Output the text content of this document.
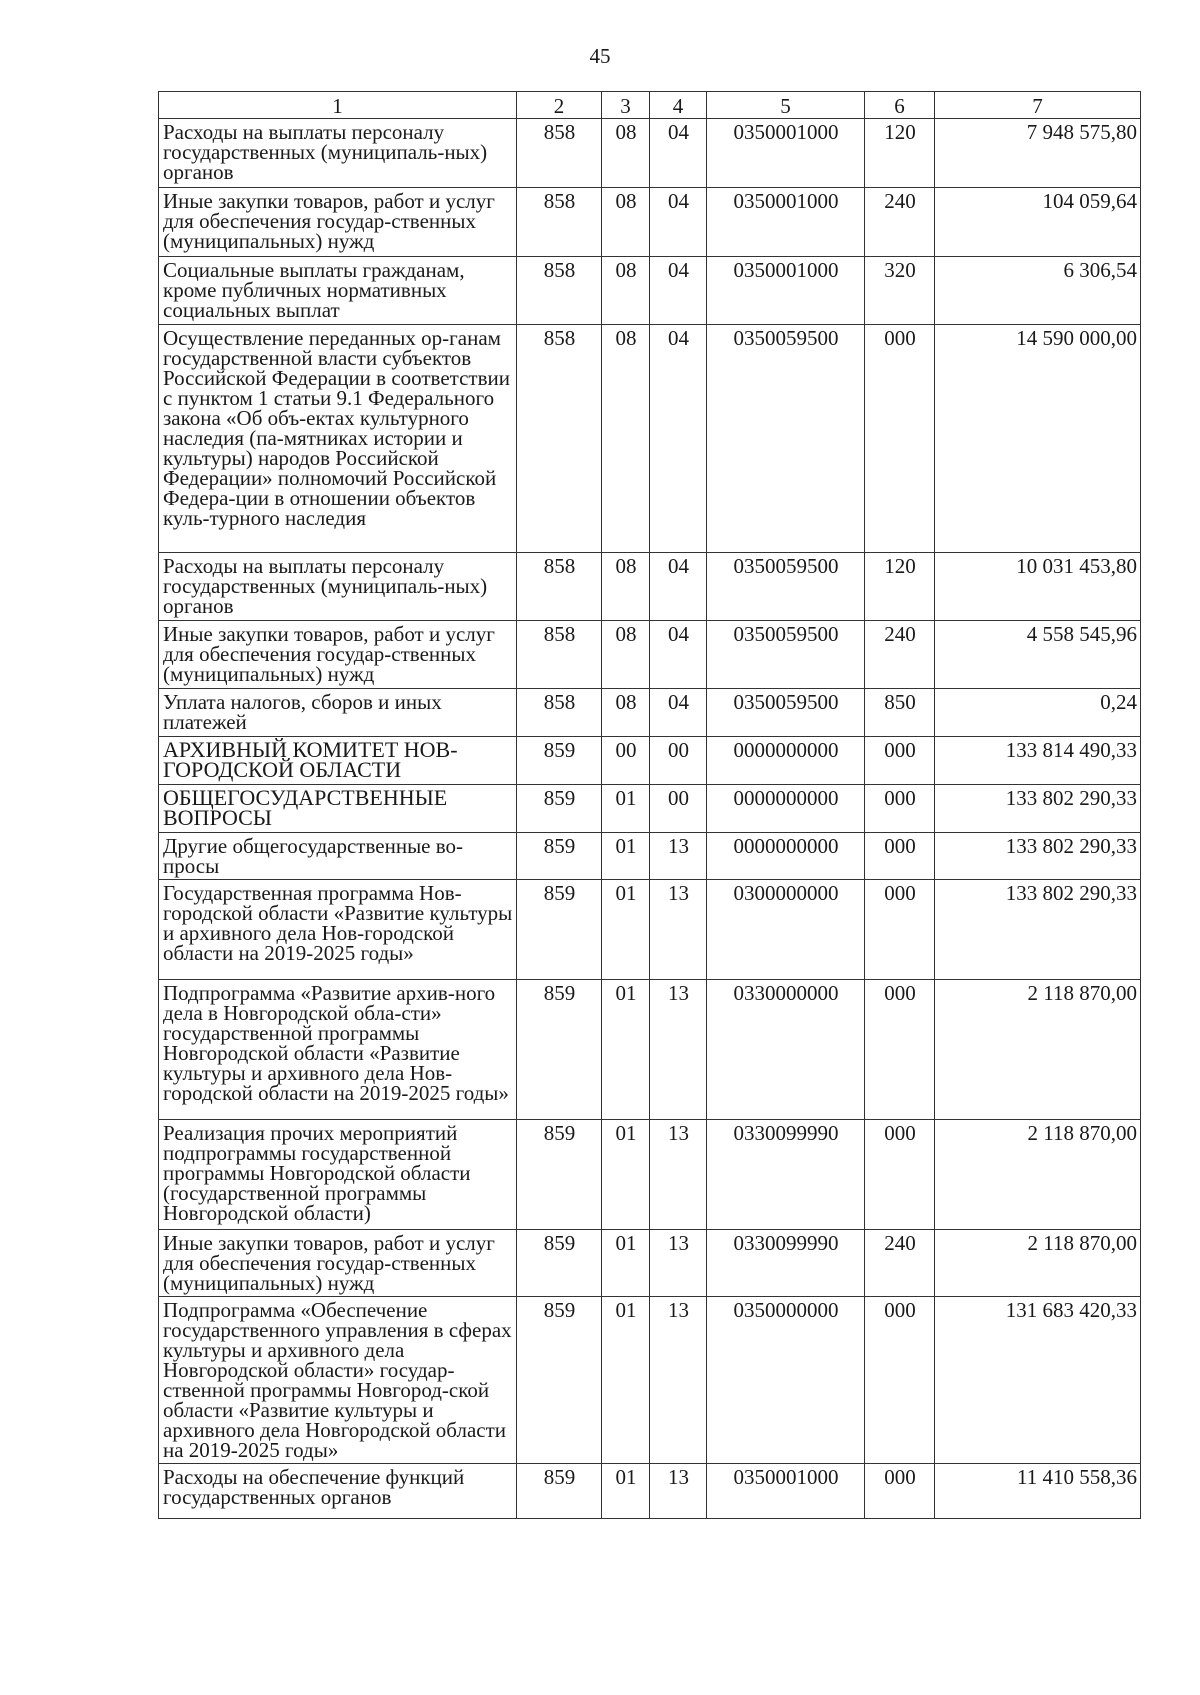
45
1	2	3	4	5	6	7
Расходы на выплаты персоналу государственных (муниципаль-ных) органов	858	08	04	0350001000	120	7 948 575,80
Иные закупки товаров, работ и услуг для обеспечения государ-ственных (муниципальных) нужд	858	08	04	0350001000	240	104 059,64
Социальные выплаты гражданам, кроме публичных нормативных социальных выплат	858	08	04	0350001000	320	6 306,54
Осуществление переданных ор-ганам государственной власти субъектов Российской Федерации в соответствии с пунктом 1 статьи 9.1 Федерального закона «Об объ-ектах культурного наследия (па-мятниках истории и культуры) народов Российской Федерации» полномочий Российской Федера-ции в отношении объектов куль-турного наследия	858	08	04	0350059500	000	14 590 000,00
Расходы на выплаты персоналу государственных (муниципаль-ных) органов	858	08	04	0350059500	120	10 031 453,80
Иные закупки товаров, работ и услуг для обеспечения государ-ственных (муниципальных) нужд	858	08	04	0350059500	240	4 558 545,96
Уплата налогов, сборов и иных платежей	858	08	04	0350059500	850	0,24
АРХИВНЫЙ КОМИТЕТ НОВ-ГОРОДСКОЙ ОБЛАСТИ	859	00	00	0000000000	000	133 814 490,33
ОБЩЕГОСУДАРСТВЕННЫЕ ВОПРОСЫ	859	01	00	0000000000	000	133 802 290,33
Другие общегосударственные во-просы	859	01	13	0000000000	000	133 802 290,33
Государственная программа Нов-городской области «Развитие культуры и архивного дела Нов-городской области на 2019-2025 годы»	859	01	13	0300000000	000	133 802 290,33
Подпрограмма «Развитие архив-ного дела в Новгородской обла-сти» государственной программы Новгородской области «Развитие культуры и архивного дела Нов-городской области на 2019-2025 годы»	859	01	13	0330000000	000	2 118 870,00
Реализация прочих мероприятий подпрограммы государственной программы Новгородской области (государственной программы Новгородской области)	859	01	13	0330099990	000	2 118 870,00
Иные закупки товаров, работ и услуг для обеспечения государ-ственных (муниципальных) нужд	859	01	13	0330099990	240	2 118 870,00
Подпрограмма «Обеспечение государственного управления в сферах культуры и архивного дела Новгородской области» государ-ственной программы Новгород-ской области «Развитие культуры и архивного дела Новгородской области на 2019-2025 годы»	859	01	13	0350000000	000	131 683 420,33
Расходы на обеспечение функций государственных органов	859	01	13	0350001000	000	11 410 558,36
